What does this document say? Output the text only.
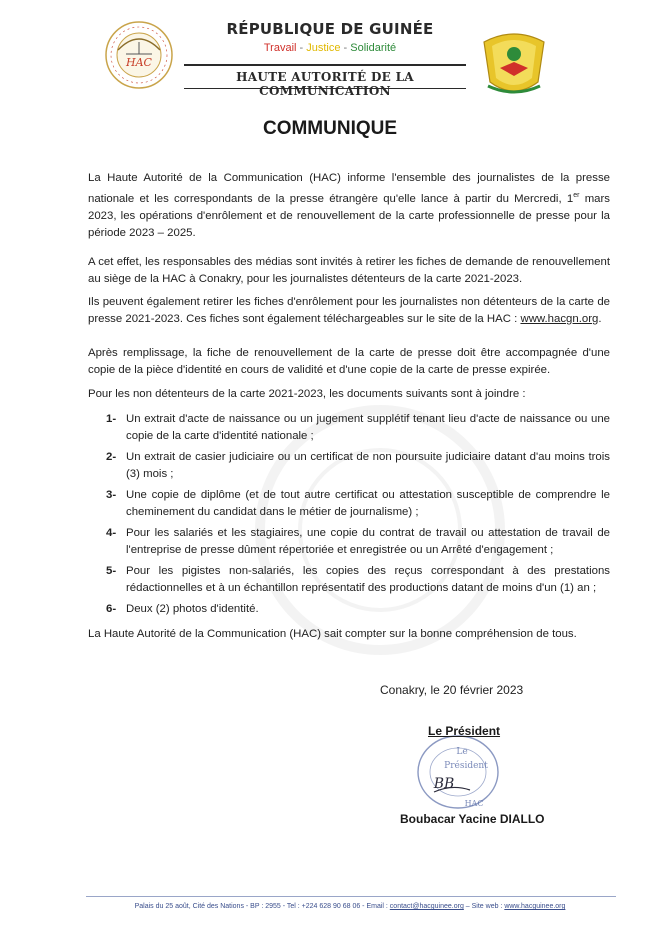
HAC
RÉPUBLIQUE DE GUINÉE
Travail - Justice - Solidarité
HAUTE AUTORITÉ DE LA COMMUNICATION
COMMUNIQUE
La Haute Autorité de la Communication (HAC) informe l'ensemble des journalistes de la presse nationale et les correspondants de la presse étrangère qu'elle lance à partir du Mercredi, 1er mars 2023, les opérations d'enrôlement et de renouvellement de la carte professionnelle de presse pour la période 2023 – 2025.
A cet effet, les responsables des médias sont invités à retirer les fiches de demande de renouvellement au siège de la HAC à Conakry, pour les journalistes détenteurs de la carte 2021-2023.
Ils peuvent également retirer les fiches d'enrôlement pour les journalistes non détenteurs de la carte de presse 2021-2023. Ces fiches sont également téléchargeables sur le site de la HAC : www.hacgn.org.
Après remplissage, la fiche de renouvellement de la carte de presse doit être accompagnée d'une copie de la pièce d'identité en cours de validité et d'une copie de la carte de presse expirée.
Pour les non détenteurs de la carte 2021-2023, les documents suivants sont à joindre :
1- Un extrait d'acte de naissance ou un jugement supplétif tenant lieu d'acte de naissance ou une copie de la carte d'identité nationale ;
2- Un extrait de casier judiciaire ou un certificat de non poursuite judiciaire datant d'au moins trois (3) mois ;
3- Une copie de diplôme (et de tout autre certificat ou attestation susceptible de comprendre le cheminement du candidat dans le métier de journalisme) ;
4- Pour les salariés et les stagiaires, une copie du contrat de travail ou attestation de travail de l'entreprise de presse dûment répertoriée et enregistrée ou un Arrêté d'engagement ;
5- Pour les pigistes non-salariés, les copies des reçus correspondant à des prestations rédactionnelles et à un échantillon représentatif des productions datant de moins d'un (1) an ;
6- Deux (2) photos d'identité.
La Haute Autorité de la Communication (HAC) sait compter sur la bonne compréhension de tous.
Conakry, le 20 février 2023
Le
Président
HAC
BB
Le Président
Boubacar Yacine DIALLO
Palais du 25 août, Cité des Nations - BP : 2955 - Tel : +224 628 90 68 06 - Email : contact@hacguinee.org – Site web : www.hacguinee.org
